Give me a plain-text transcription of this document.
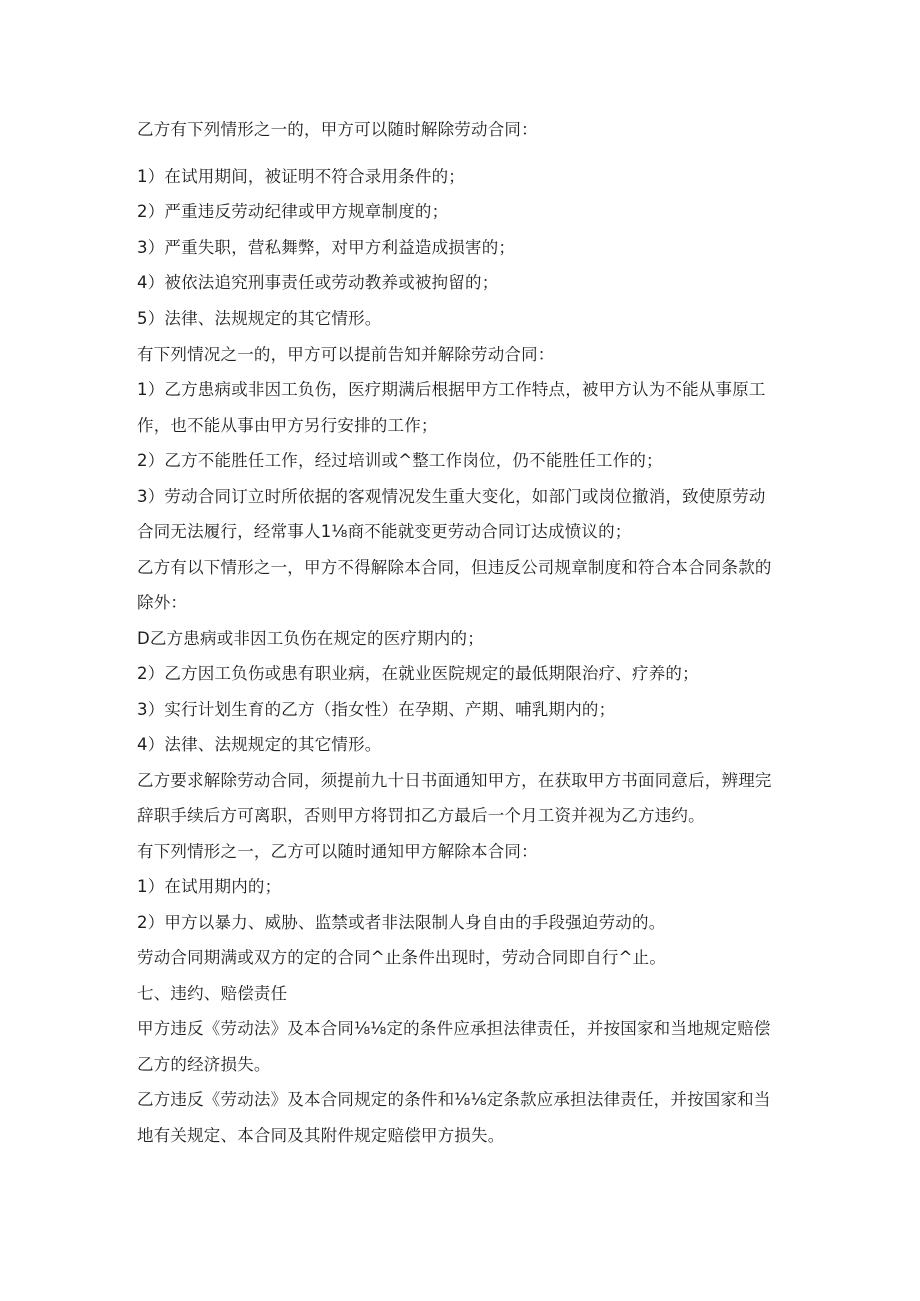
乙方有下列情形之一的，甲方可以随时解除劳动合同：

1）在试用期间，被证明不符合录用条件的；

2）严重违反劳动纪律或甲方规章制度的；

3）严重失职，营私舞弊，对甲方利益造成损害的；

4）被依法追究刑事责任或劳动教养或被拘留的；

5）法律、法规规定的其它情形。

有下列情况之一的，甲方可以提前告知并解除劳动合同：

1）乙方患病或非因工负伤，医疗期满后根据甲方工作特点，被甲方认为不能从事原工

作，也不能从事由甲方另行安排的工作；

2）乙方不能胜任工作，经过培训或^整工作岗位，仍不能胜任工作的；

3）劳动合同订立时所依据的客观情况发生重大变化，如部门或岗位撤消，致使原劳动

合同无法履行，经常事人1⅛商不能就变更劳动合同订达成愤议的；

乙方有以下情形之一，甲方不得解除本合同，但违反公司规章制度和符合本合同条款的

除外：

D乙方患病或非因工负伤在规定的医疗期内的；

2）乙方因工负伤或患有职业病，在就业医院规定的最低期限治疗、疗养的；

3）实行计划生育的乙方（指女性）在孕期、产期、哺乳期内的；

4）法律、法规规定的其它情形。

乙方要求解除劳动合同，须提前九十日书面通知甲方，在获取甲方书面同意后，辨理完

辞职手续后方可离职，否则甲方将罚扣乙方最后一个月工资并视为乙方违约。

有下列情形之一，乙方可以随时通知甲方解除本合同：

1）在试用期内的；

2）甲方以暴力、威胁、监禁或者非法限制人身自由的手段强迫劳动的。

劳动合同期满或双方的定的合同^止条件出现时，劳动合同即自行^止。

七、违约、赔偿责任

甲方违反《劳动法》及本合同⅛⅛定的条件应承担法律责任，并按国家和当地规定赔偿

乙方的经济损失。

乙方违反《劳动法》及本合同规定的条件和⅛⅛定条款应承担法律责任，并按国家和当

地有关规定、本合同及其附件规定赔偿甲方损失。
